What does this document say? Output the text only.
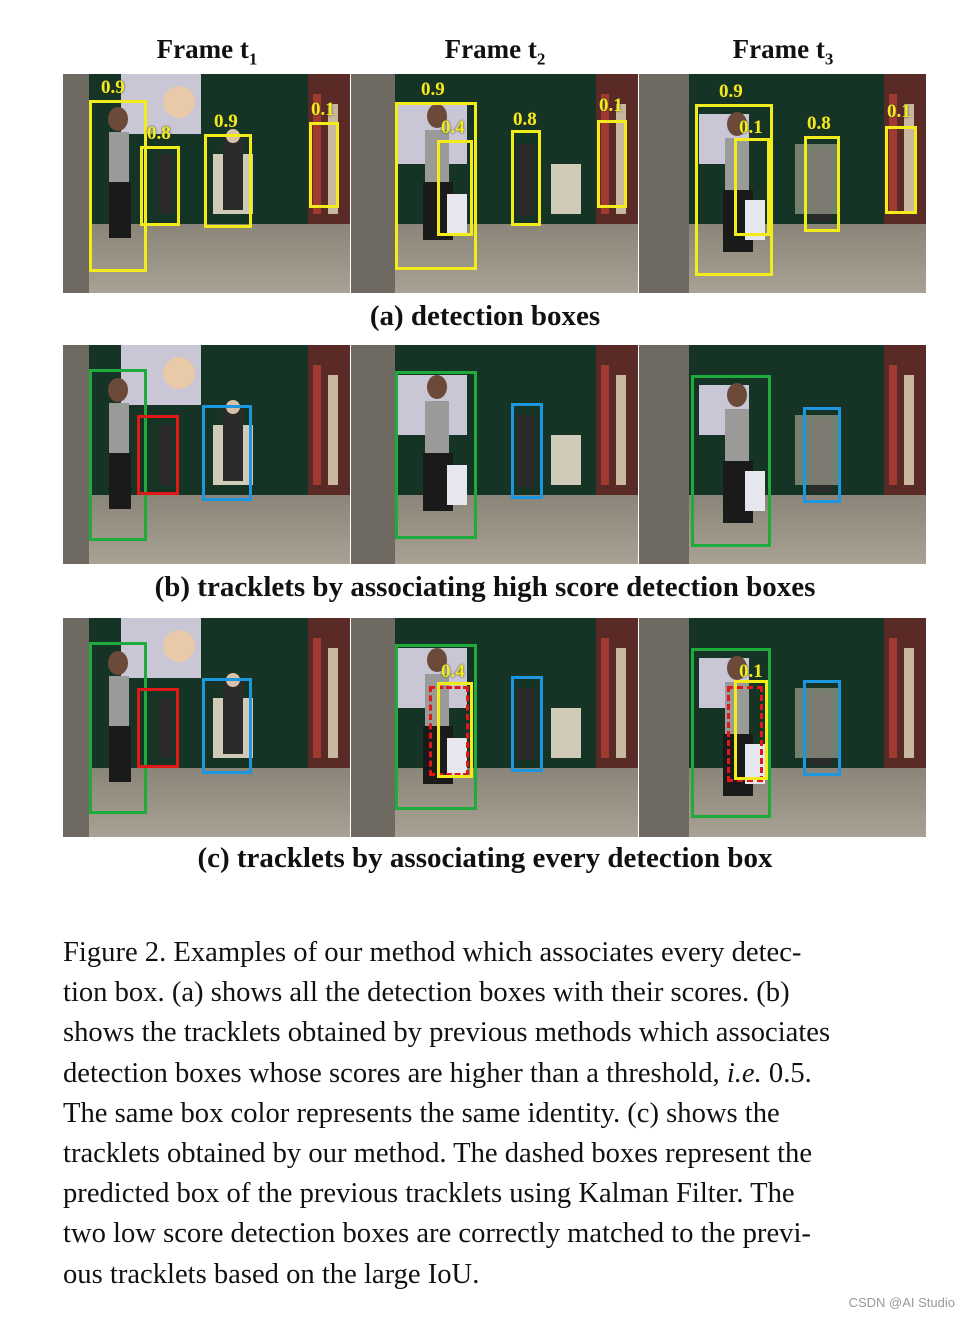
Frame $t_1$	Frame $t_2$	Frame $t_3$
0.9
0.8
0.9
0.1
0.9
0.4	0.8
0.1
0.9
0.1 0.8
0.1
(a) detection boxes
(b) tracklets by associating high score detection boxes
0.4	0.1
(c) tracklets by associating every detection box

Figure 2. Examples of our method which associates every detec-

tion box. (a) shows all the detection boxes with their scores. (b)

shows the tracklets obtained by previous methods which associates

detection boxes whose scores are higher than a threshold, i.e. 0.5.

The same box color represents the same identity. (c) shows the

tracklets obtained by our method. The dashed boxes represent the

predicted box of the previous tracklets using Kalman Filter. The

two low score detection boxes are correctly matched to the previ-

ous tracklets based on the large IoU.

CSDN @AI Studio
